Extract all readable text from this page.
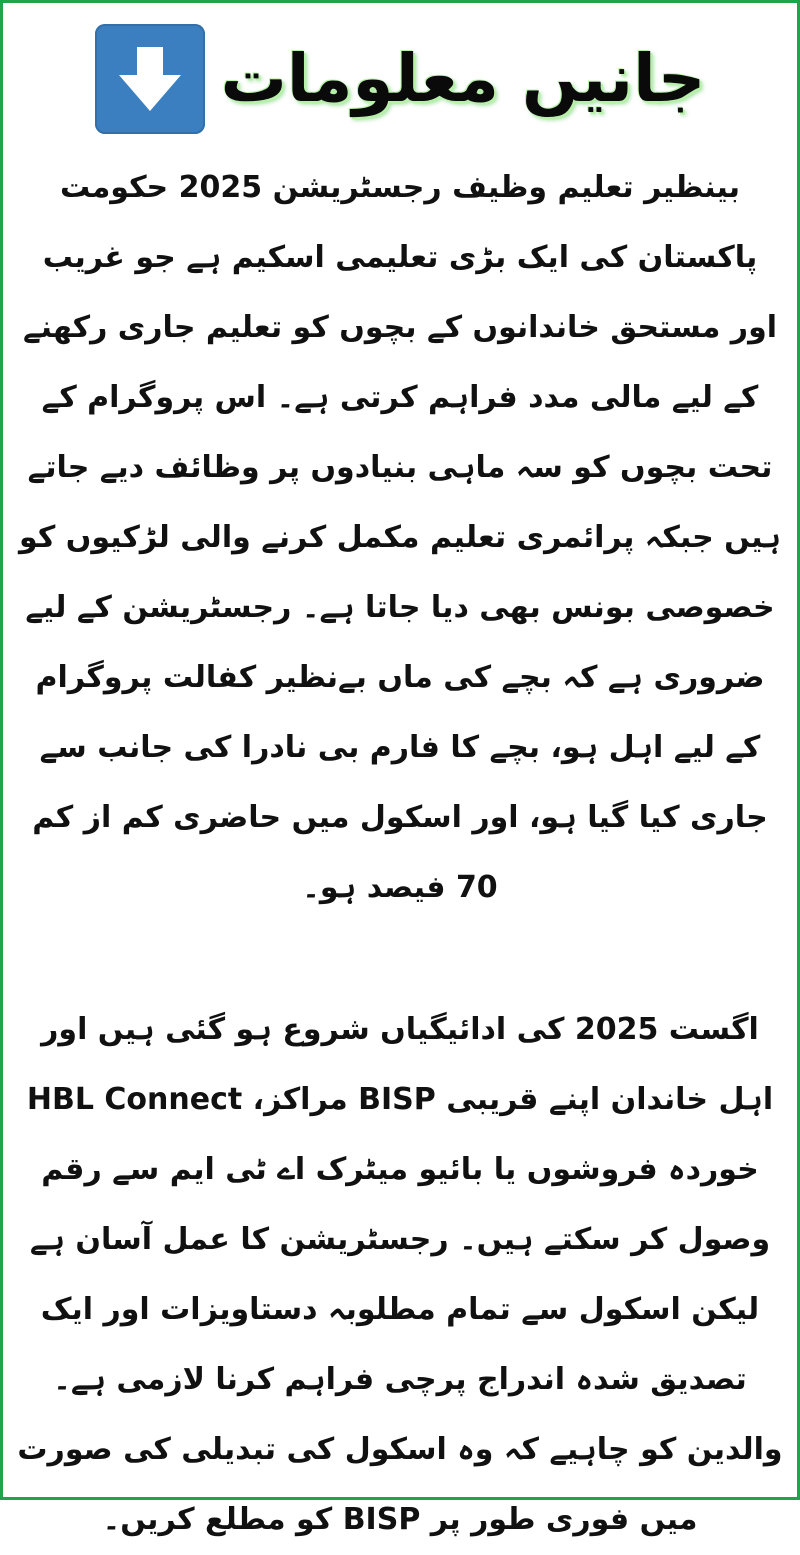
جانیں معلومات

بینظیر تعلیم وظیف رجسٹریشن 2025 حکومت پاکستان کی ایک بڑی تعلیمی اسکیم ہے جو غریب اور مستحق خاندانوں کے بچوں کو تعلیم جاری رکھنے کے لیے مالی مدد فراہم کرتی ہے۔ اس پروگرام کے تحت بچوں کو سہ ماہی بنیادوں پر وظائف دیے جاتے ہیں جبکہ پرائمری تعلیم مکمل کرنے والی لڑکیوں کو خصوصی بونس بھی دیا جاتا ہے۔ رجسٹریشن کے لیے ضروری ہے کہ بچے کی ماں بےنظیر کفالت پروگرام کے لیے اہل ہو، بچے کا فارم بی نادرا کی جانب سے جاری کیا گیا ہو، اور اسکول میں حاضری کم از کم 70 فیصد ہو۔

اگست 2025 کی ادائیگیاں شروع ہو گئی ہیں اور اہل خاندان اپنے قریبی BISP مراکز، HBL Connect خوردہ فروشوں یا بائیو میٹرک اے ٹی ایم سے رقم وصول کر سکتے ہیں۔ رجسٹریشن کا عمل آسان ہے لیکن اسکول سے تمام مطلوبہ دستاویزات اور ایک تصدیق شدہ اندراج پرچی فراہم کرنا لازمی ہے۔ والدین کو چاہیے کہ وہ اسکول کی تبدیلی کی صورت میں فوری طور پر BISP کو مطلع کریں۔
